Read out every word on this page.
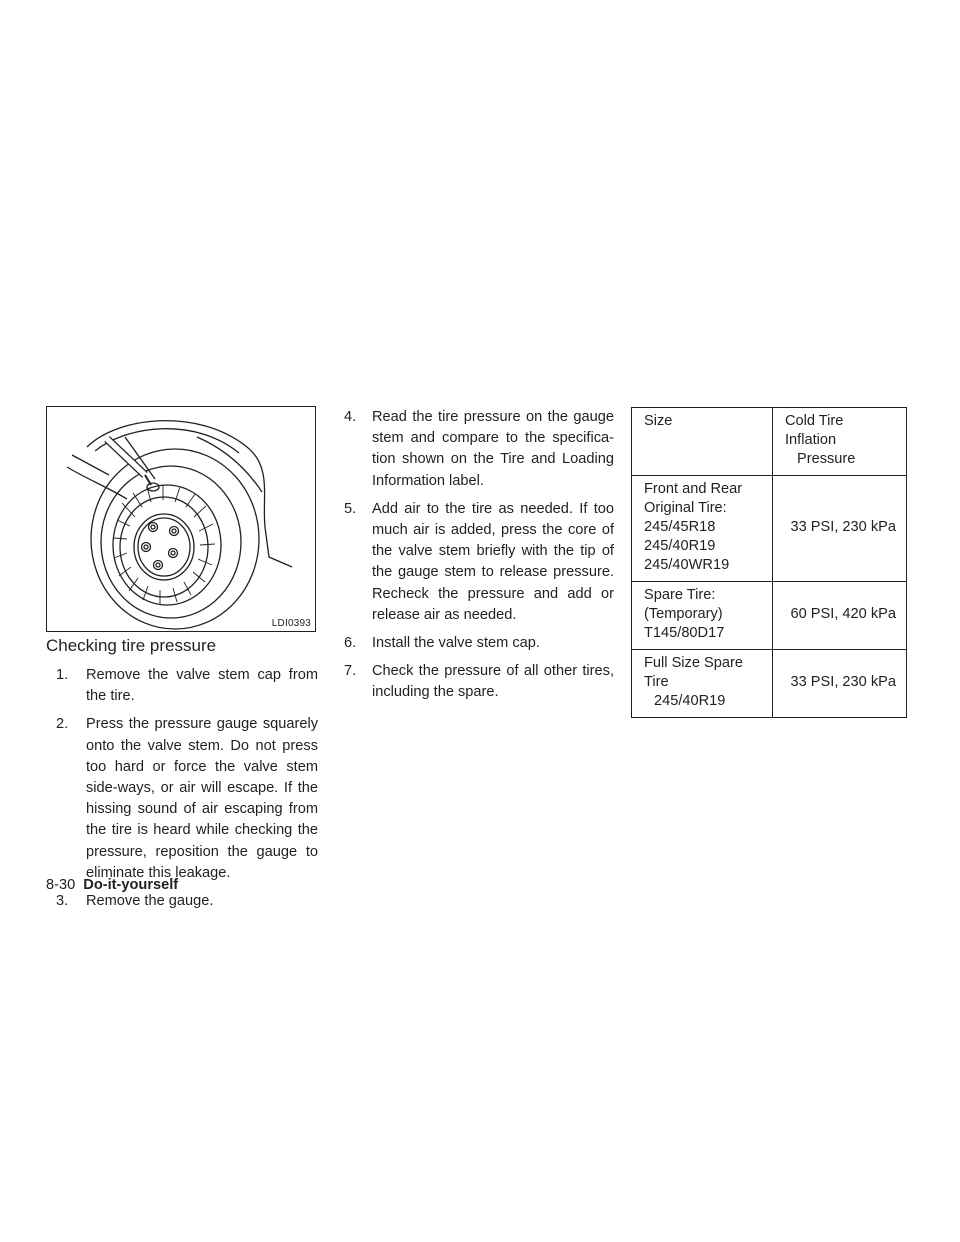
LDI0393
Checking tire pressure
1. Remove the valve stem cap from the tire.
2. Press the pressure gauge squarely onto the valve stem. Do not press too hard or force the valve stem side-ways, or air will escape. If the hissing sound of air escaping from the tire is heard while checking the pressure, reposition the gauge to eliminate this leakage.
3. Remove the gauge.
4. Read the tire pressure on the gauge stem and compare to the specifica-tion shown on the Tire and Loading Information label.
5. Add air to the tire as needed. If too much air is added, press the core of the valve stem briefly with the tip of the gauge stem to release pressure. Recheck the pressure and add or release air as needed.
6. Install the valve stem cap.
7. Check the pressure of all other tires, including the spare.
Size	Cold Tire Inflation
Pressure

Front and Rear
Original Tire:
245/45R18
245/40R19
245/40WR19	33 PSI, 230 kPa

Spare Tire:
(Temporary)
T145/80D17	60 PSI, 420 kPa

Full Size Spare
Tire
245/40R19	33 PSI, 230 kPa
8-30 Do-it-yourself
